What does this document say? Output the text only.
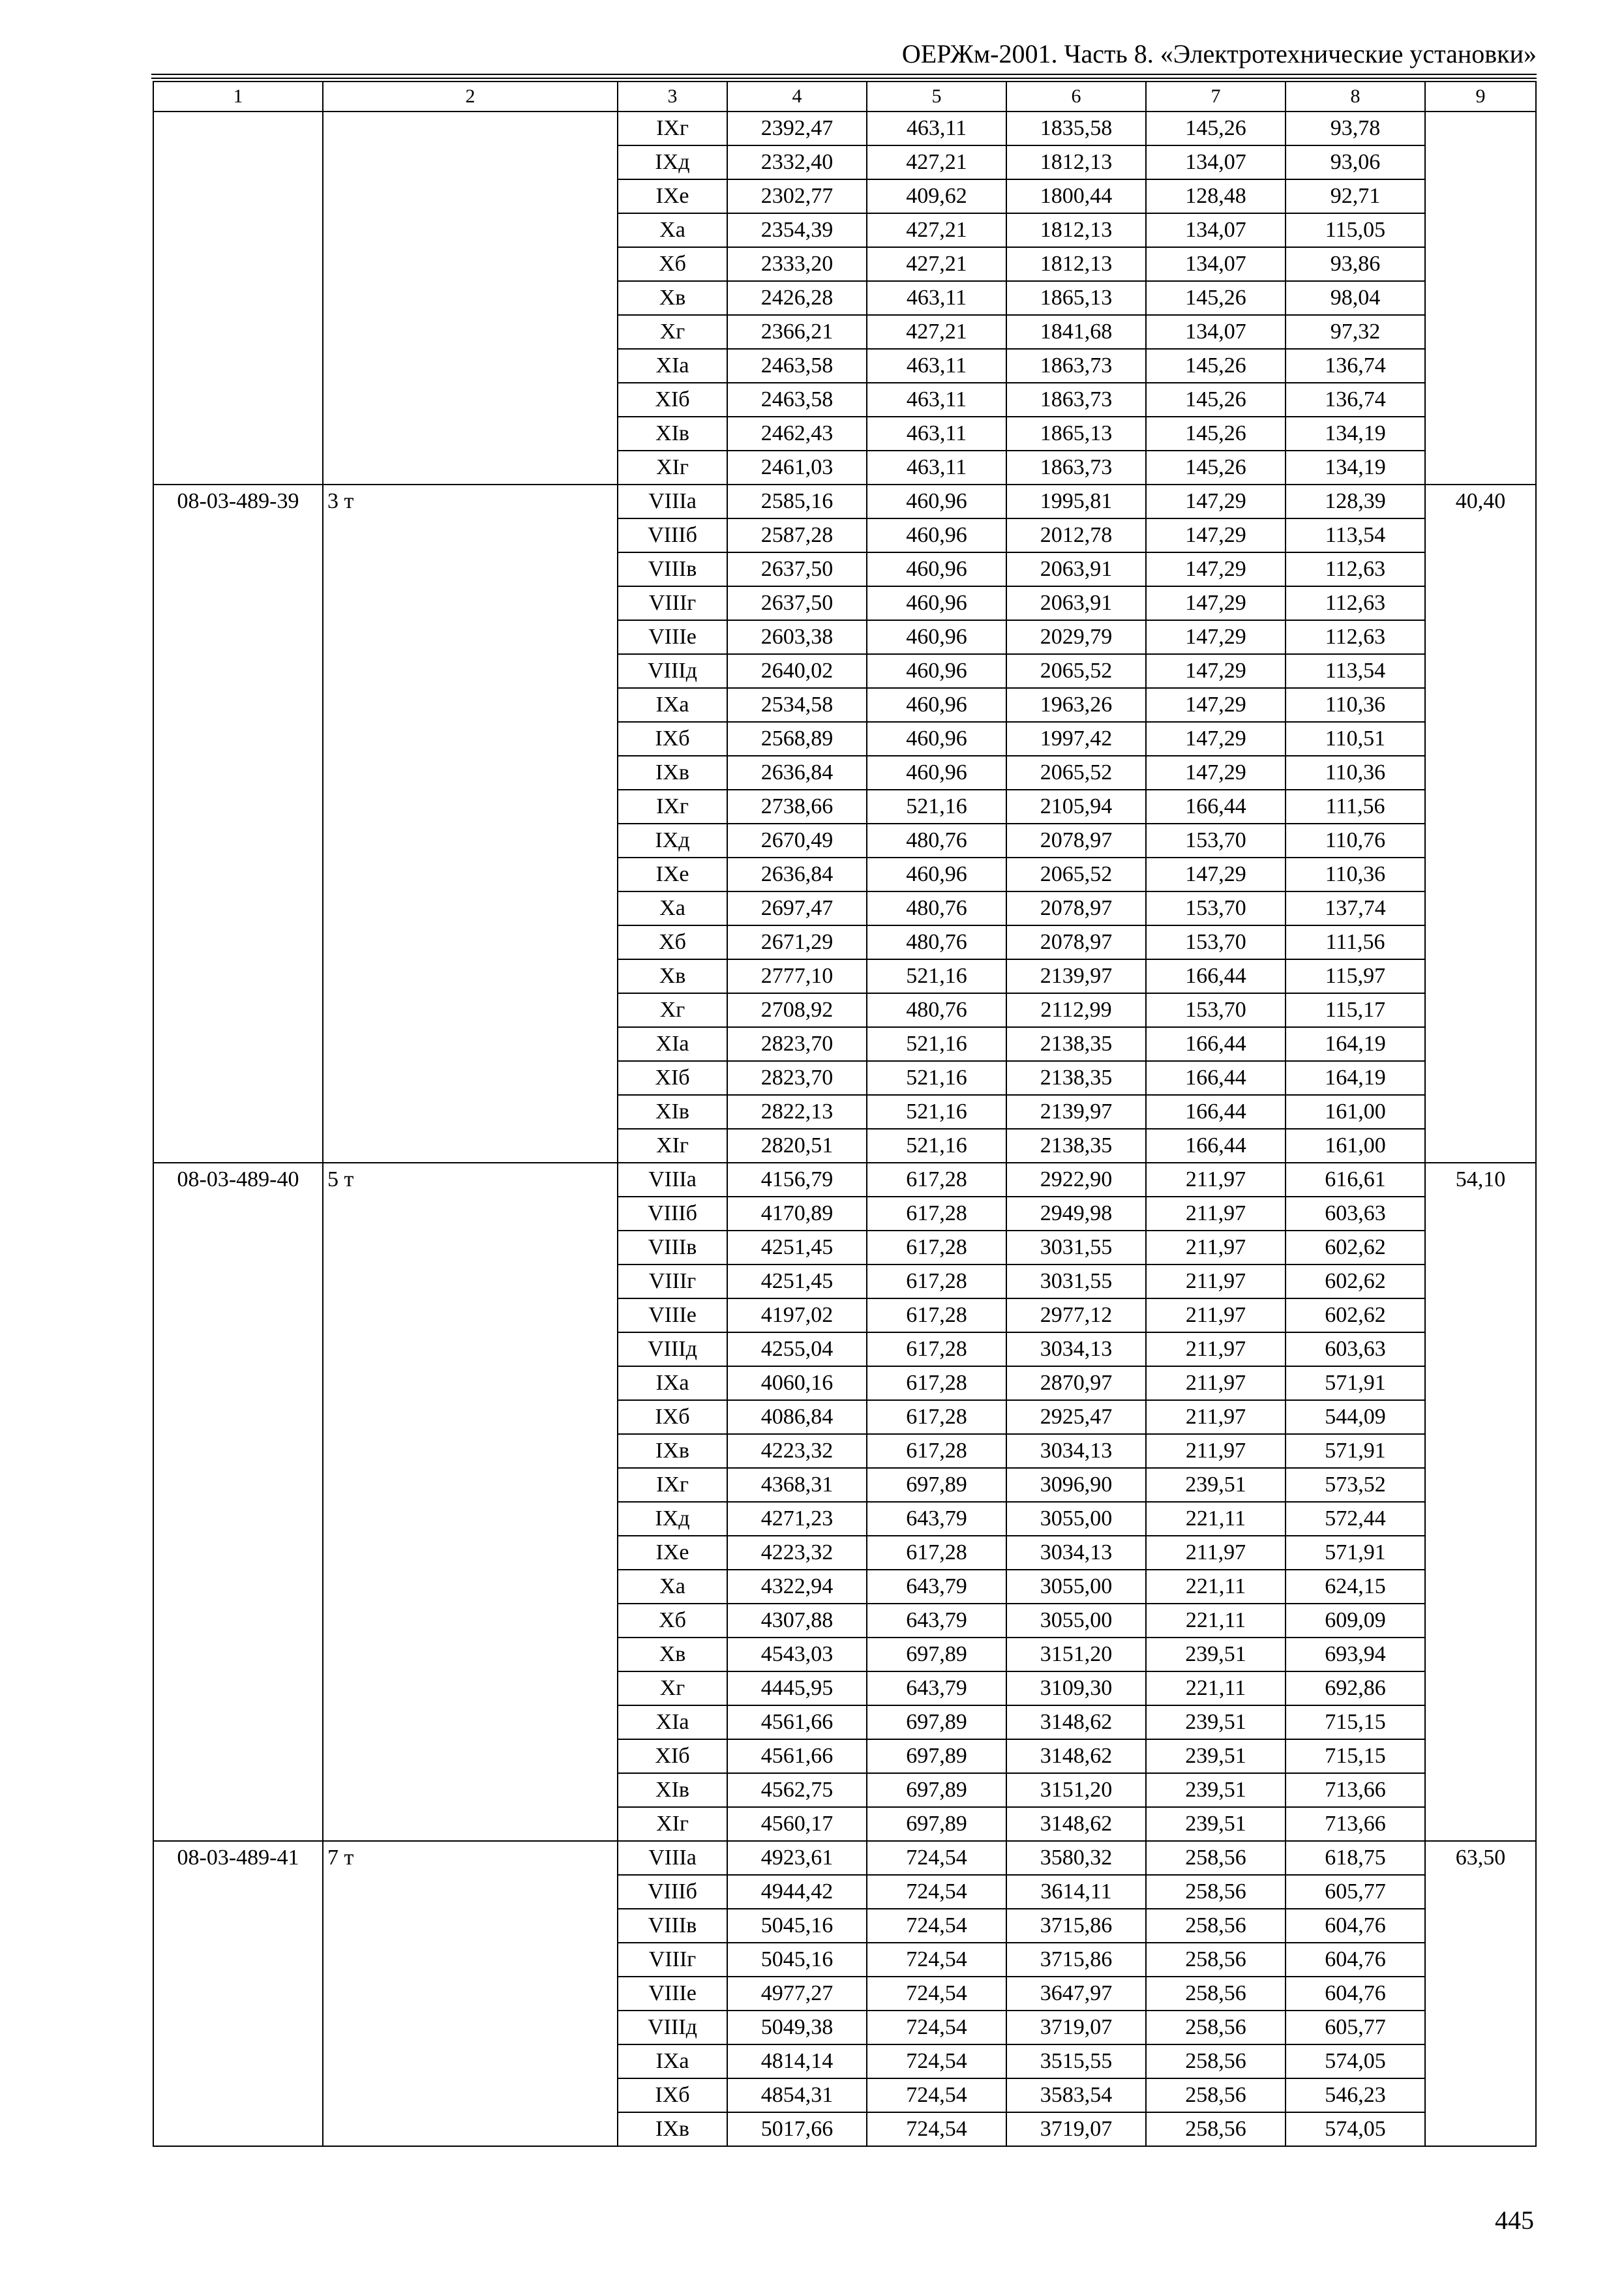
ОЕРЖм-2001. Часть 8. «Электротехнические установки»
1	2	3	4	5	6	7	8	9
		IXг	2392,47	463,11	1835,58	145,26	93,78	
		IXд	2332,40	427,21	1812,13	134,07	93,06	
		IXе	2302,77	409,62	1800,44	128,48	92,71	
		Xа	2354,39	427,21	1812,13	134,07	115,05	
		Xб	2333,20	427,21	1812,13	134,07	93,86	
		Xв	2426,28	463,11	1865,13	145,26	98,04	
		Xг	2366,21	427,21	1841,68	134,07	97,32	
		XIа	2463,58	463,11	1863,73	145,26	136,74	
		XIб	2463,58	463,11	1863,73	145,26	136,74	
		XIв	2462,43	463,11	1865,13	145,26	134,19	
		XIг	2461,03	463,11	1863,73	145,26	134,19	
08-03-489-39	3 т	VIIIа	2585,16	460,96	1995,81	147,29	128,39	40,40
		VIIIб	2587,28	460,96	2012,78	147,29	113,54	
		VIIIв	2637,50	460,96	2063,91	147,29	112,63	
		VIIIг	2637,50	460,96	2063,91	147,29	112,63	
		VIIIе	2603,38	460,96	2029,79	147,29	112,63	
		VIIIд	2640,02	460,96	2065,52	147,29	113,54	
		IXа	2534,58	460,96	1963,26	147,29	110,36	
		IXб	2568,89	460,96	1997,42	147,29	110,51	
		IXв	2636,84	460,96	2065,52	147,29	110,36	
		IXг	2738,66	521,16	2105,94	166,44	111,56	
		IXд	2670,49	480,76	2078,97	153,70	110,76	
		IXе	2636,84	460,96	2065,52	147,29	110,36	
		Xа	2697,47	480,76	2078,97	153,70	137,74	
		Xб	2671,29	480,76	2078,97	153,70	111,56	
		Xв	2777,10	521,16	2139,97	166,44	115,97	
		Xг	2708,92	480,76	2112,99	153,70	115,17	
		XIа	2823,70	521,16	2138,35	166,44	164,19	
		XIб	2823,70	521,16	2138,35	166,44	164,19	
		XIв	2822,13	521,16	2139,97	166,44	161,00	
		XIг	2820,51	521,16	2138,35	166,44	161,00	
08-03-489-40	5 т	VIIIа	4156,79	617,28	2922,90	211,97	616,61	54,10
		VIIIб	4170,89	617,28	2949,98	211,97	603,63	
		VIIIв	4251,45	617,28	3031,55	211,97	602,62	
		VIIIг	4251,45	617,28	3031,55	211,97	602,62	
		VIIIе	4197,02	617,28	2977,12	211,97	602,62	
		VIIIд	4255,04	617,28	3034,13	211,97	603,63	
		IXа	4060,16	617,28	2870,97	211,97	571,91	
		IXб	4086,84	617,28	2925,47	211,97	544,09	
		IXв	4223,32	617,28	3034,13	211,97	571,91	
		IXг	4368,31	697,89	3096,90	239,51	573,52	
		IXд	4271,23	643,79	3055,00	221,11	572,44	
		IXе	4223,32	617,28	3034,13	211,97	571,91	
		Xа	4322,94	643,79	3055,00	221,11	624,15	
		Xб	4307,88	643,79	3055,00	221,11	609,09	
		Xв	4543,03	697,89	3151,20	239,51	693,94	
		Xг	4445,95	643,79	3109,30	221,11	692,86	
		XIа	4561,66	697,89	3148,62	239,51	715,15	
		XIб	4561,66	697,89	3148,62	239,51	715,15	
		XIв	4562,75	697,89	3151,20	239,51	713,66	
		XIг	4560,17	697,89	3148,62	239,51	713,66	
08-03-489-41	7 т	VIIIа	4923,61	724,54	3580,32	258,56	618,75	63,50
		VIIIб	4944,42	724,54	3614,11	258,56	605,77	
		VIIIв	5045,16	724,54	3715,86	258,56	604,76	
		VIIIг	5045,16	724,54	3715,86	258,56	604,76	
		VIIIе	4977,27	724,54	3647,97	258,56	604,76	
		VIIIд	5049,38	724,54	3719,07	258,56	605,77	
		IXа	4814,14	724,54	3515,55	258,56	574,05	
		IXб	4854,31	724,54	3583,54	258,56	546,23	
		IXв	5017,66	724,54	3719,07	258,56	574,05	
445
